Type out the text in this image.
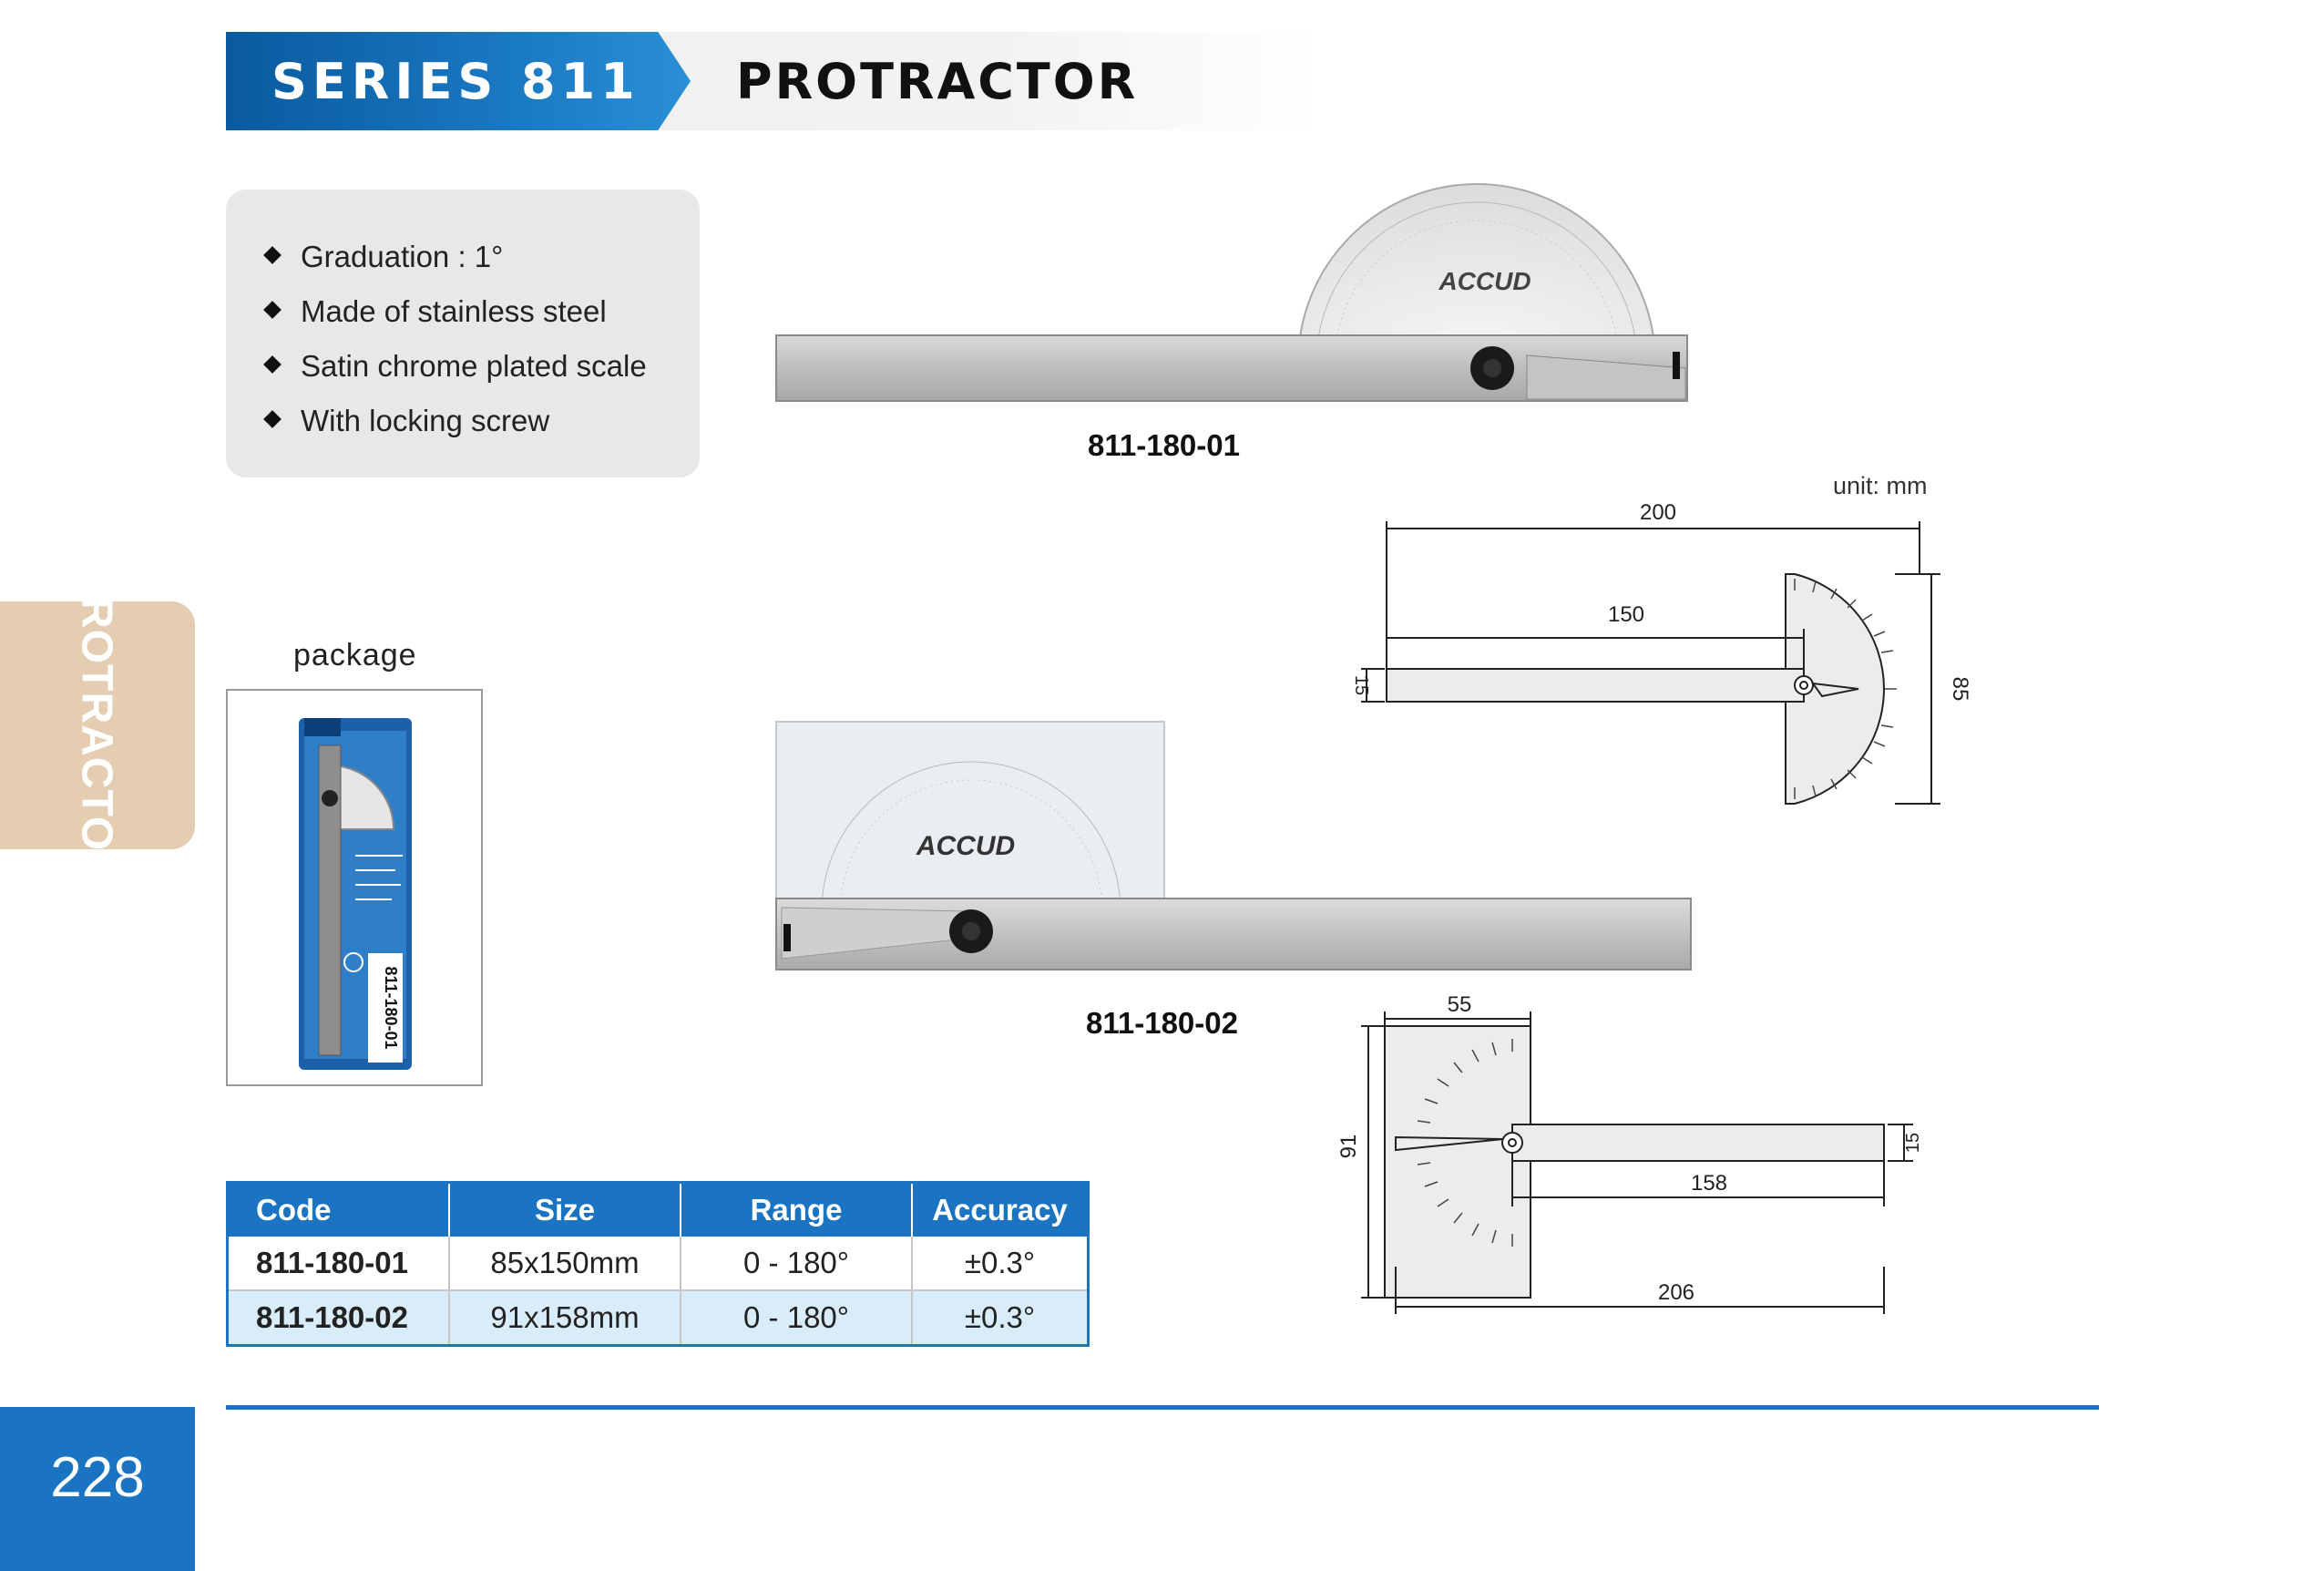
SERIES 811 PROTRACTOR
Graduation : 1°
Made of stainless steel
Satin chrome plated scale
With locking screw
PROTRACTOR	package
811-180-01
ACCUD
811-180-01
ACCUD
811-180-02
unit: mm
200
150
85
15
55
91
158
206
15
Code	Size	Range	Accuracy
811-180-01	85x150mm	0 - 180°	±0.3°
811-180-02	91x158mm	0 - 180°	±0.3°
228
